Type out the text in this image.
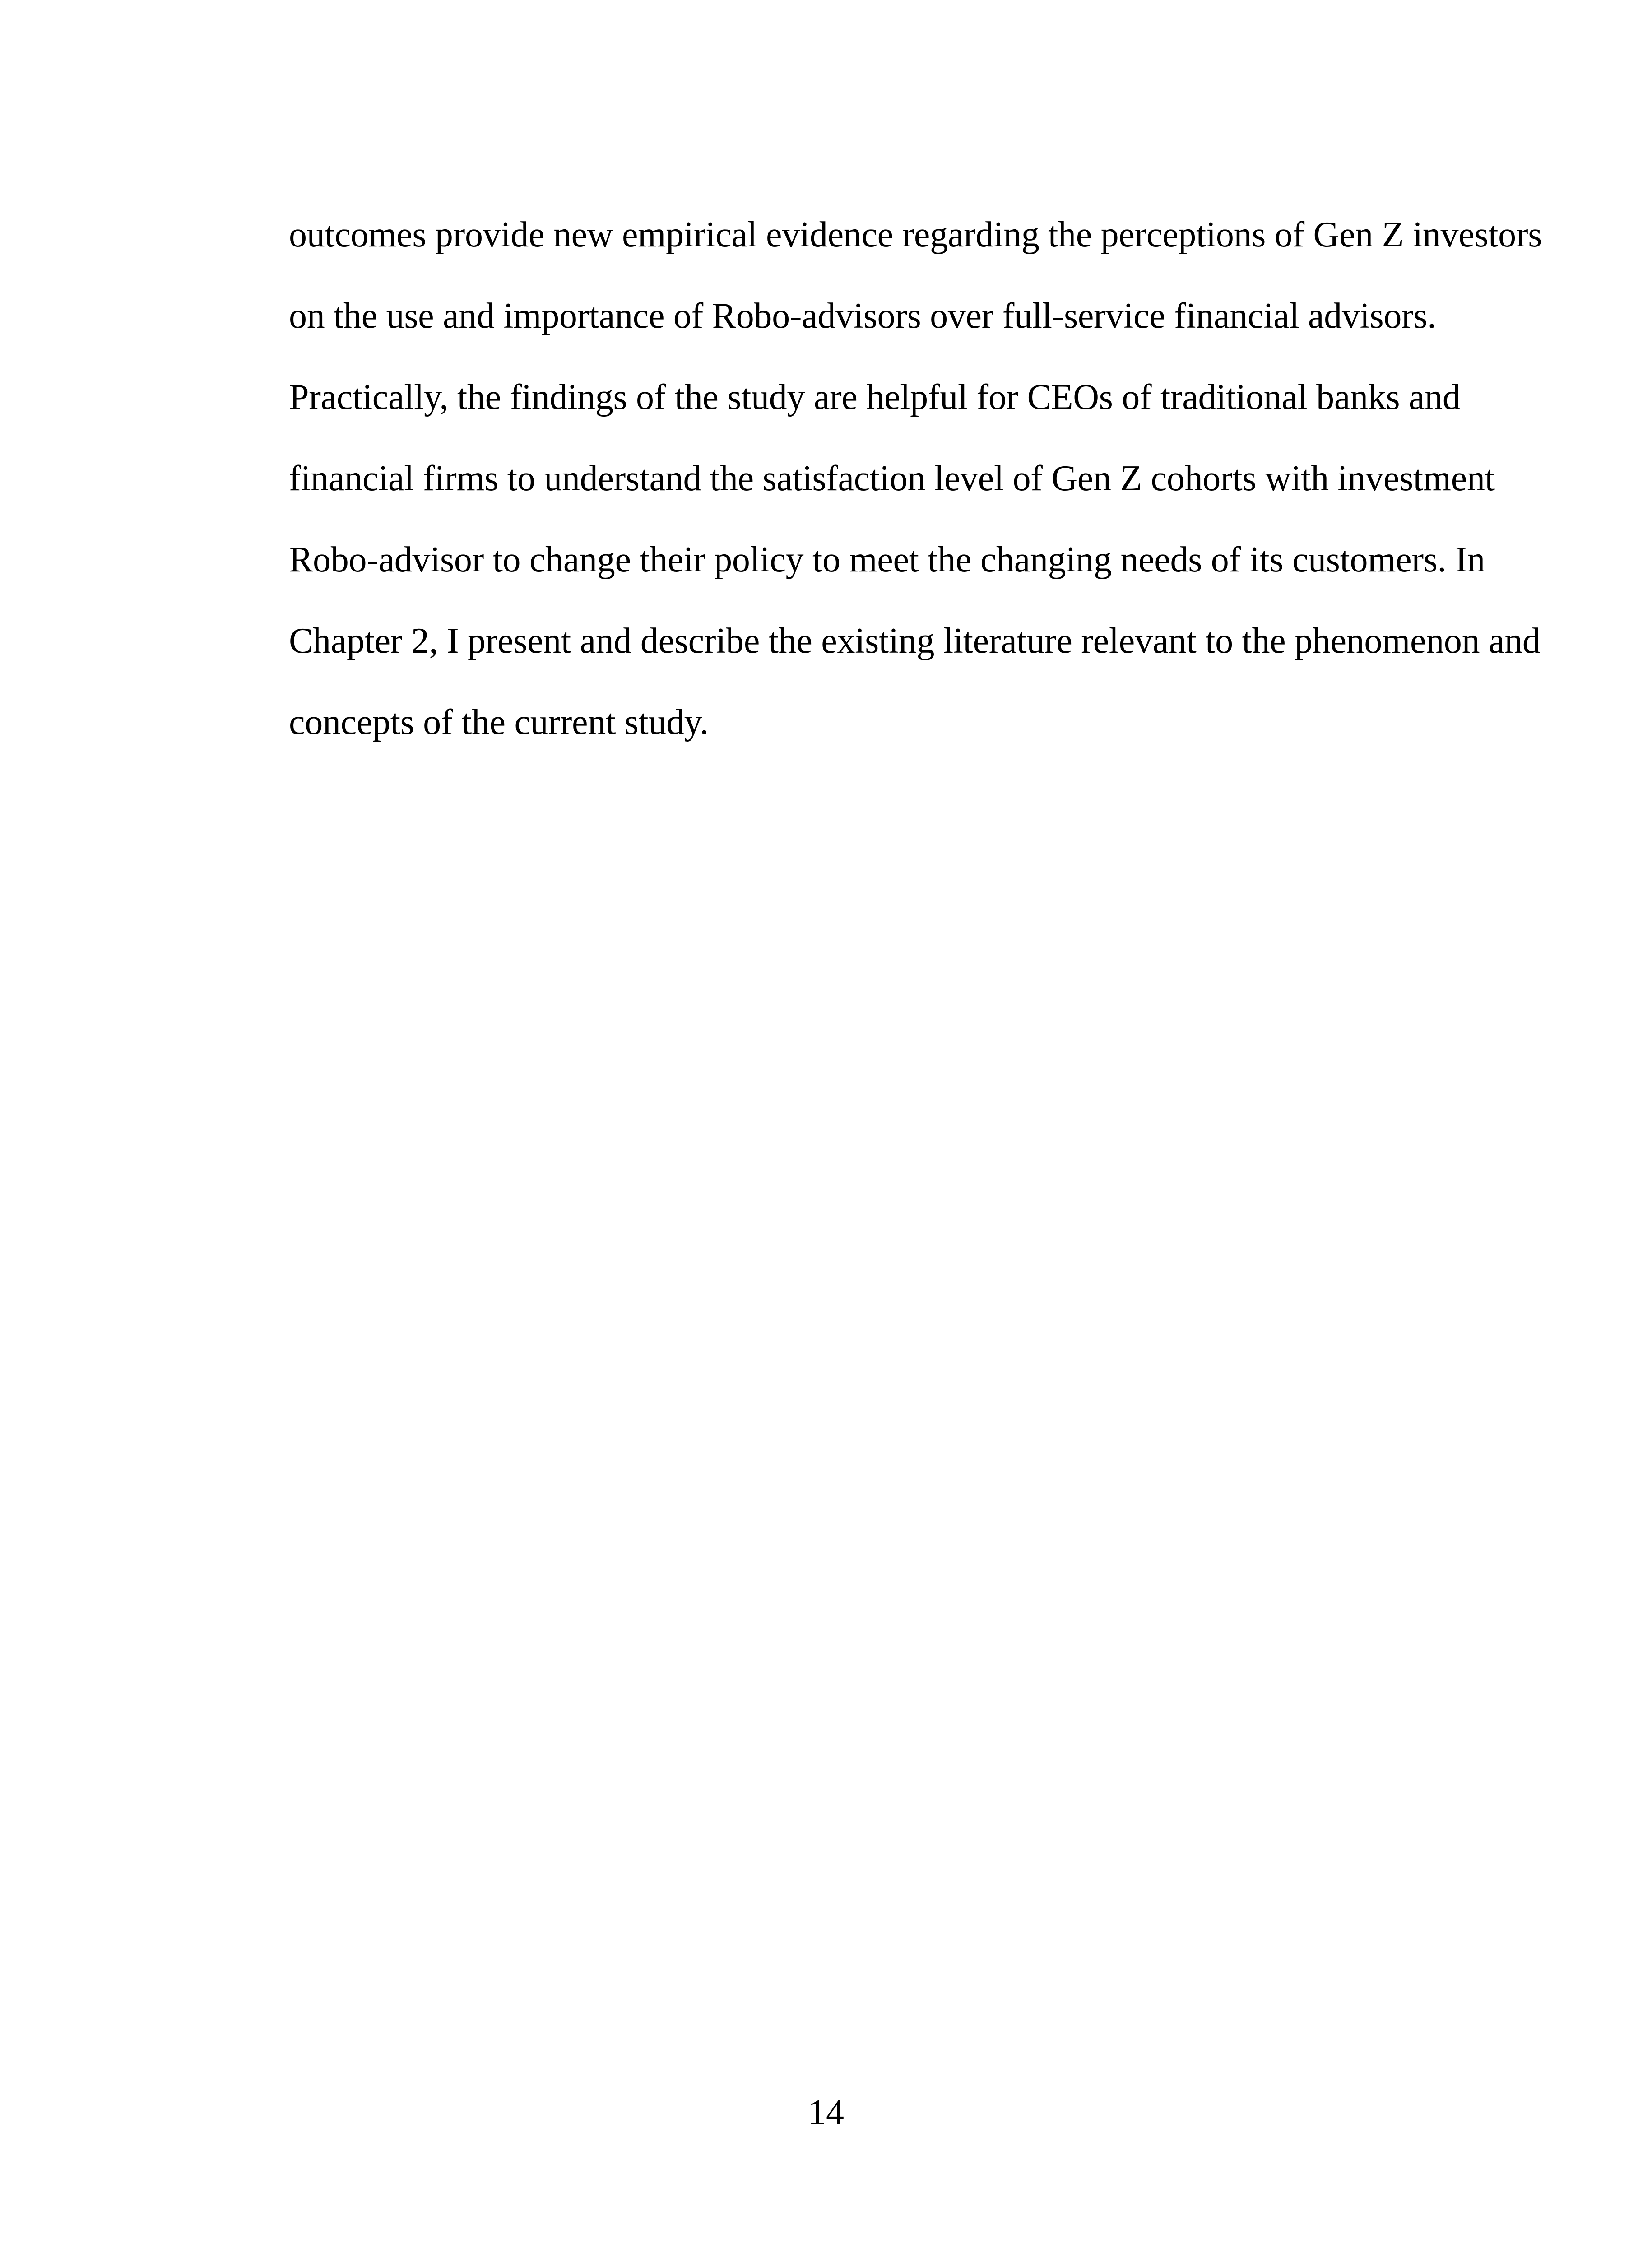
outcomes provide new empirical evidence regarding the perceptions of Gen Z investors
on the use and importance of Robo-advisors over full-service financial advisors.
Practically, the findings of the study are helpful for CEOs of traditional banks and
financial firms to understand the satisfaction level of Gen Z cohorts with investment
Robo-advisor to change their policy to meet the changing needs of its customers. In
Chapter 2, I present and describe the existing literature relevant to the phenomenon and
concepts of the current study.
14
